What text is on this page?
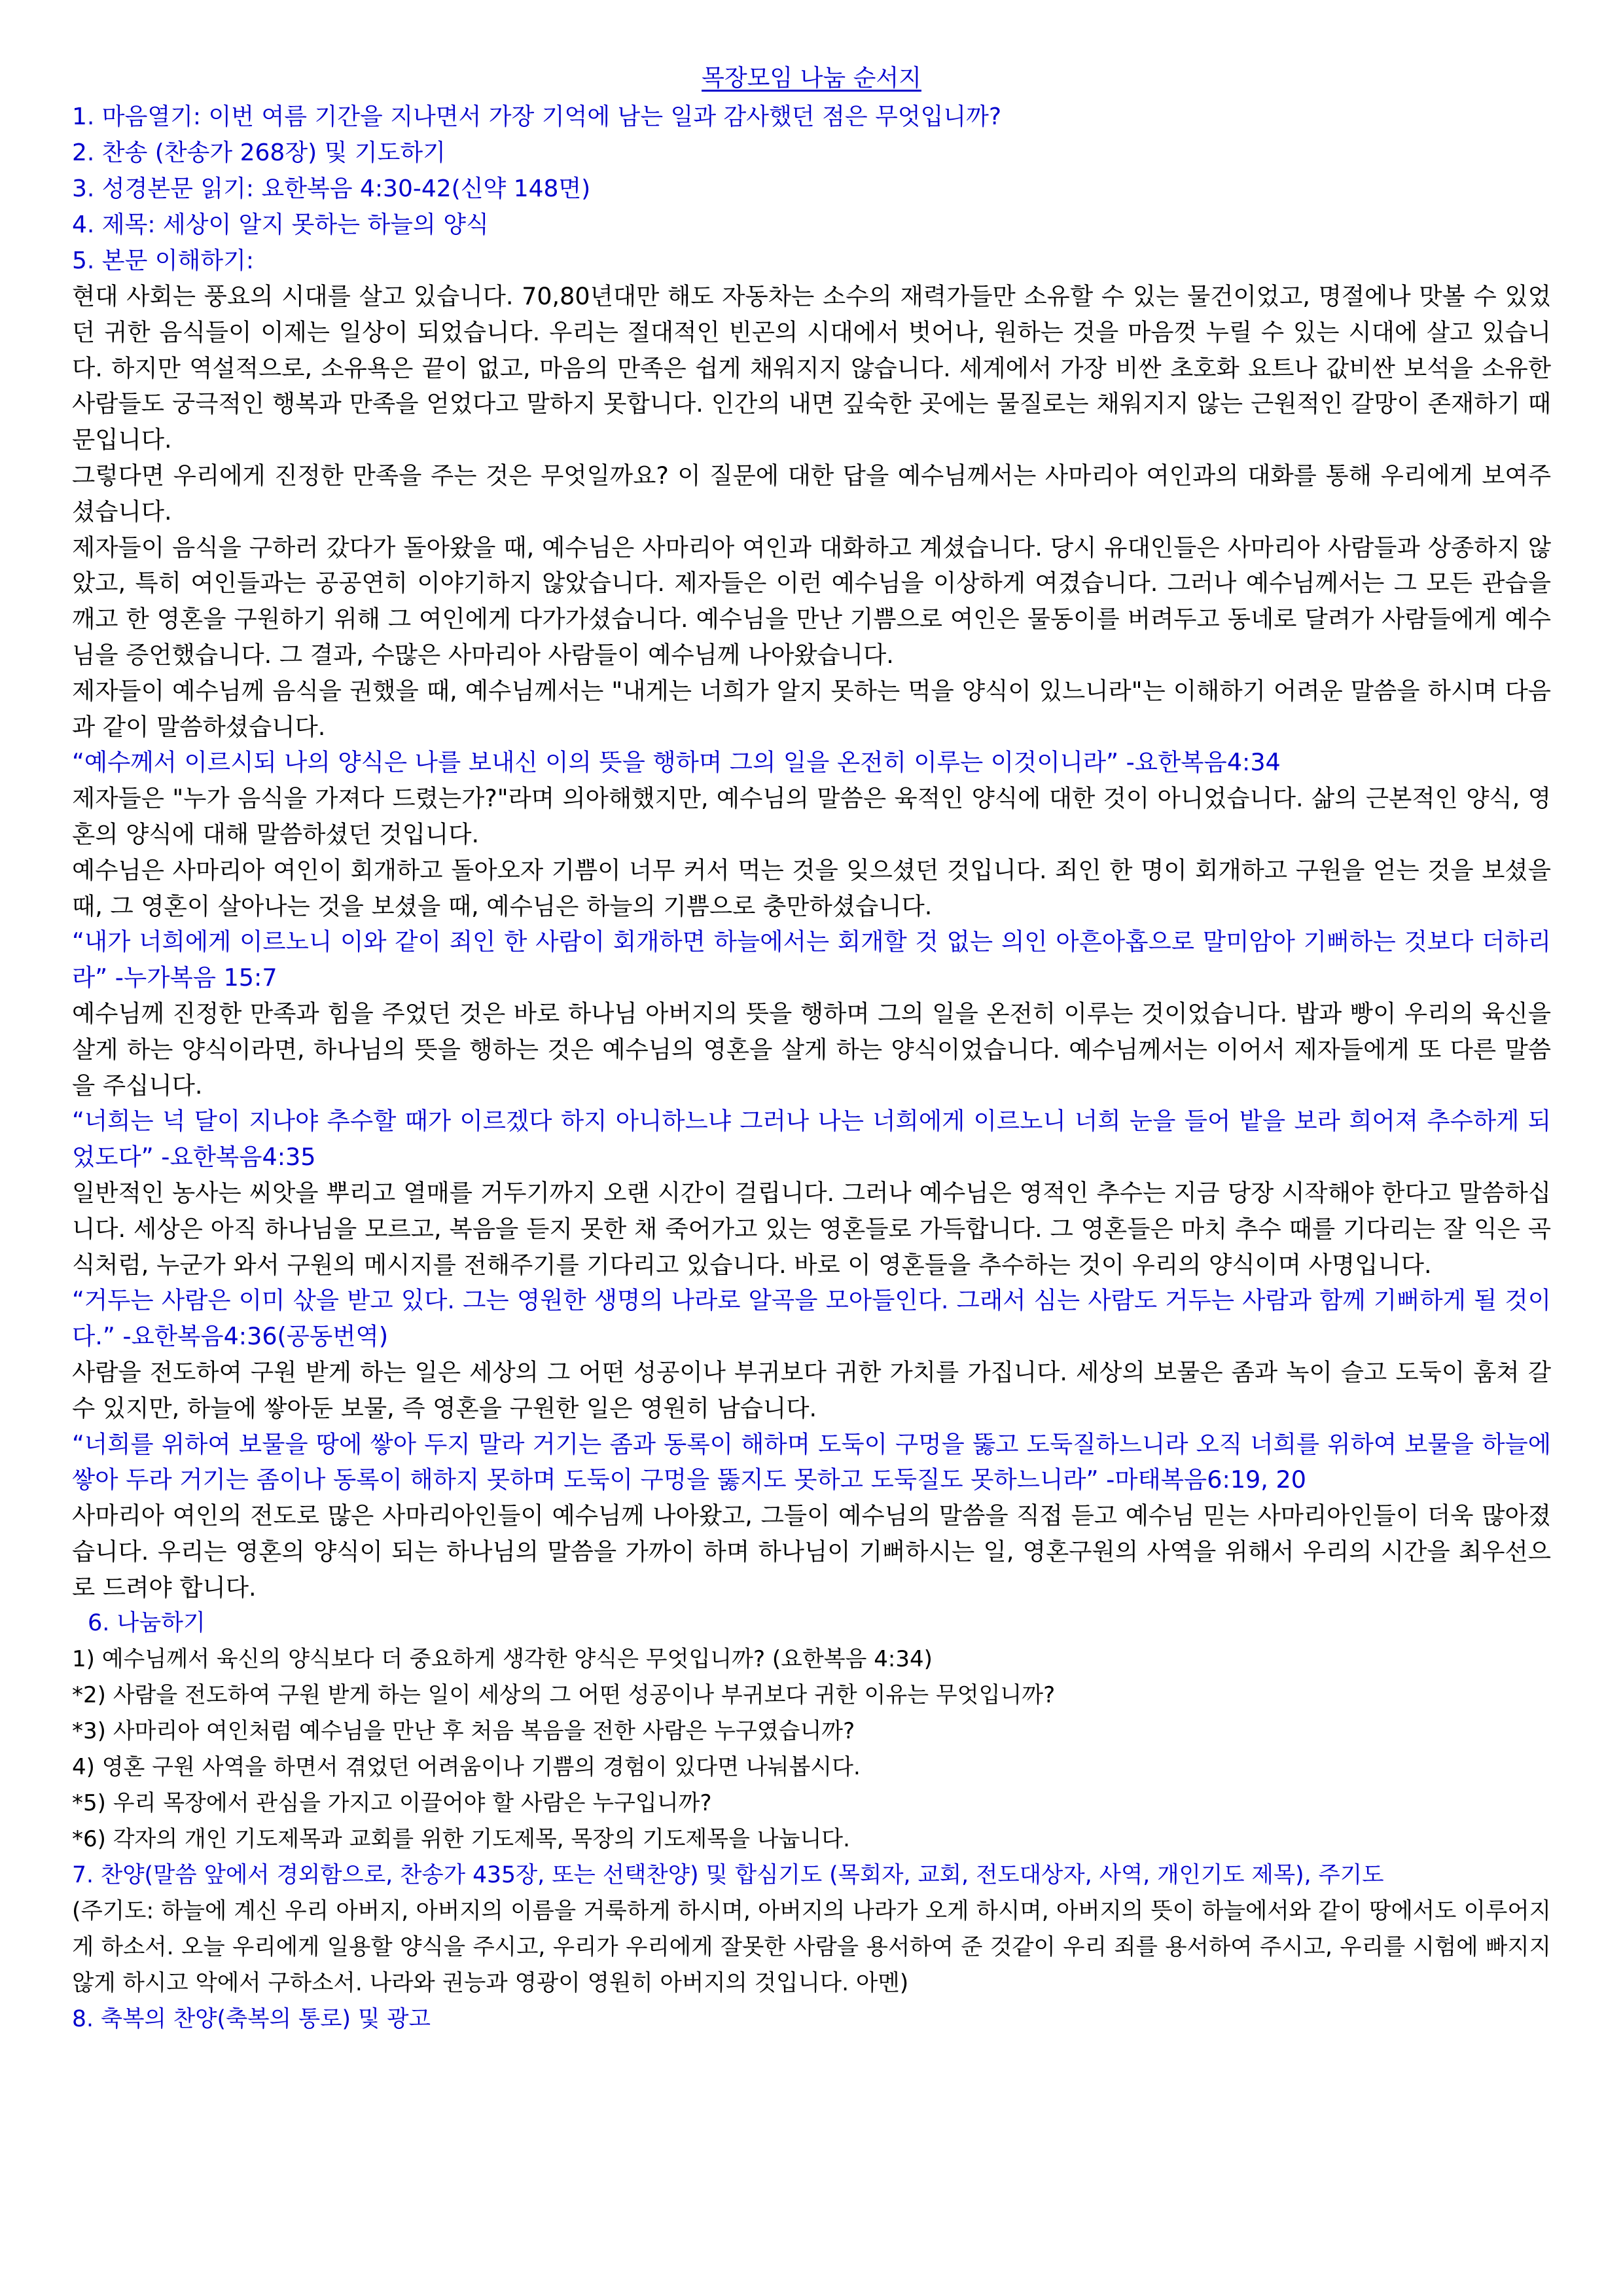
목장모임 나눔 순서지

1. 마음열기: 이번 여름 기간을 지나면서 가장 기억에 남는 일과 감사했던 점은 무엇입니까?

2. 찬송 (찬송가 268장) 및 기도하기

3. 성경본문 읽기: 요한복음 4:30-42(신약 148면)

4. 제목: 세상이 알지 못하는 하늘의 양식

5. 본문 이해하기:

현대 사회는 풍요의 시대를 살고 있습니다. 70,80년대만 해도 자동차는 소수의 재력가들만 소유할 수 있는 물건이었고, 명절에나 맛볼 수 있었던 귀한 음식들이 이제는 일상이 되었습니다. 우리는 절대적인 빈곤의 시대에서 벗어나, 원하는 것을 마음껏 누릴 수 있는 시대에 살고 있습니다. 하지만 역설적으로, 소유욕은 끝이 없고, 마음의 만족은 쉽게 채워지지 않습니다. 세계에서 가장 비싼 초호화 요트나 값비싼 보석을 소유한 사람들도 궁극적인 행복과 만족을 얻었다고 말하지 못합니다. 인간의 내면 깊숙한 곳에는 물질로는 채워지지 않는 근원적인 갈망이 존재하기 때문입니다.

그렇다면 우리에게 진정한 만족을 주는 것은 무엇일까요? 이 질문에 대한 답을 예수님께서는 사마리아 여인과의 대화를 통해 우리에게 보여주셨습니다.

제자들이 음식을 구하러 갔다가 돌아왔을 때, 예수님은 사마리아 여인과 대화하고 계셨습니다. 당시 유대인들은 사마리아 사람들과 상종하지 않았고, 특히 여인들과는 공공연히 이야기하지 않았습니다. 제자들은 이런 예수님을 이상하게 여겼습니다. 그러나 예수님께서는 그 모든 관습을 깨고 한 영혼을 구원하기 위해 그 여인에게 다가가셨습니다. 예수님을 만난 기쁨으로 여인은 물동이를 버려두고 동네로 달려가 사람들에게 예수님을 증언했습니다. 그 결과, 수많은 사마리아 사람들이 예수님께 나아왔습니다.

제자들이 예수님께 음식을 권했을 때, 예수님께서는 "내게는 너희가 알지 못하는 먹을 양식이 있느니라"는 이해하기 어려운 말씀을 하시며 다음과 같이 말씀하셨습니다.

“예수께서 이르시되 나의 양식은 나를 보내신 이의 뜻을 행하며 그의 일을 온전히 이루는 이것이니라” -요한복음4:34

제자들은 "누가 음식을 가져다 드렸는가?"라며 의아해했지만, 예수님의 말씀은 육적인 양식에 대한 것이 아니었습니다. 삶의 근본적인 양식, 영혼의 양식에 대해 말씀하셨던 것입니다.

예수님은 사마리아 여인이 회개하고 돌아오자 기쁨이 너무 커서 먹는 것을 잊으셨던 것입니다. 죄인 한 명이 회개하고 구원을 얻는 것을 보셨을 때, 그 영혼이 살아나는 것을 보셨을 때, 예수님은 하늘의 기쁨으로 충만하셨습니다.

“내가 너희에게 이르노니 이와 같이 죄인 한 사람이 회개하면 하늘에서는 회개할 것 없는 의인 아흔아홉으로 말미암아 기뻐하는 것보다 더하리라” -누가복음 15:7

예수님께 진정한 만족과 힘을 주었던 것은 바로 하나님 아버지의 뜻을 행하며 그의 일을 온전히 이루는 것이었습니다. 밥과 빵이 우리의 육신을 살게 하는 양식이라면, 하나님의 뜻을 행하는 것은 예수님의 영혼을 살게 하는 양식이었습니다. 예수님께서는 이어서 제자들에게 또 다른 말씀을 주십니다.

“너희는 넉 달이 지나야 추수할 때가 이르겠다 하지 아니하느냐 그러나 나는 너희에게 이르노니 너희 눈을 들어 밭을 보라 희어져 추수하게 되었도다” -요한복음4:35

일반적인 농사는 씨앗을 뿌리고 열매를 거두기까지 오랜 시간이 걸립니다. 그러나 예수님은 영적인 추수는 지금 당장 시작해야 한다고 말씀하십니다. 세상은 아직 하나님을 모르고, 복음을 듣지 못한 채 죽어가고 있는 영혼들로 가득합니다. 그 영혼들은 마치 추수 때를 기다리는 잘 익은 곡식처럼, 누군가 와서 구원의 메시지를 전해주기를 기다리고 있습니다. 바로 이 영혼들을 추수하는 것이 우리의 양식이며 사명입니다.

“거두는 사람은 이미 삯을 받고 있다. 그는 영원한 생명의 나라로 알곡을 모아들인다. 그래서 심는 사람도 거두는 사람과 함께 기뻐하게 될 것이다.” -요한복음4:36(공동번역)

사람을 전도하여 구원 받게 하는 일은 세상의 그 어떤 성공이나 부귀보다 귀한 가치를 가집니다. 세상의 보물은 좀과 녹이 슬고 도둑이 훔쳐 갈 수 있지만, 하늘에 쌓아둔 보물, 즉 영혼을 구원한 일은 영원히 남습니다.

“너희를 위하여 보물을 땅에 쌓아 두지 말라 거기는 좀과 동록이 해하며 도둑이 구멍을 뚫고 도둑질하느니라 오직 너희를 위하여 보물을 하늘에 쌓아 두라 거기는 좀이나 동록이 해하지 못하며 도둑이 구멍을 뚫지도 못하고 도둑질도 못하느니라” -마태복음6:19, 20

사마리아 여인의 전도로 많은 사마리아인들이 예수님께 나아왔고, 그들이 예수님의 말씀을 직접 듣고 예수님 믿는 사마리아인들이 더욱 많아졌습니다. 우리는 영혼의 양식이 되는 하나님의 말씀을 가까이 하며 하나님이 기뻐하시는 일, 영혼구원의 사역을 위해서 우리의 시간을 최우선으로 드려야 합니다.

6. 나눔하기

1) 예수님께서 육신의 양식보다 더 중요하게 생각한 양식은 무엇입니까? (요한복음 4:34)

*2) 사람을 전도하여 구원 받게 하는 일이 세상의 그 어떤 성공이나 부귀보다 귀한 이유는 무엇입니까?

*3) 사마리아 여인처럼 예수님을 만난 후 처음 복음을 전한 사람은 누구였습니까?

4) 영혼 구원 사역을 하면서 겪었던 어려움이나 기쁨의 경험이 있다면 나눠봅시다.

*5) 우리 목장에서 관심을 가지고 이끌어야 할 사람은 누구입니까?

*6) 각자의 개인 기도제목과 교회를 위한 기도제목, 목장의 기도제목을 나눕니다.

7. 찬양(말씀 앞에서 경외함으로, 찬송가 435장, 또는 선택찬양) 및 합심기도 (목회자, 교회, 전도대상자, 사역, 개인기도 제목), 주기도

(주기도: 하늘에 계신 우리 아버지, 아버지의 이름을 거룩하게 하시며, 아버지의 나라가 오게 하시며, 아버지의 뜻이 하늘에서와 같이 땅에서도 이루어지게 하소서. 오늘 우리에게 일용할 양식을 주시고, 우리가 우리에게 잘못한 사람을 용서하여 준 것같이 우리 죄를 용서하여 주시고, 우리를 시험에 빠지지 않게 하시고 악에서 구하소서. 나라와 권능과 영광이 영원히 아버지의 것입니다. 아멘)

8. 축복의 찬양(축복의 통로) 및 광고
